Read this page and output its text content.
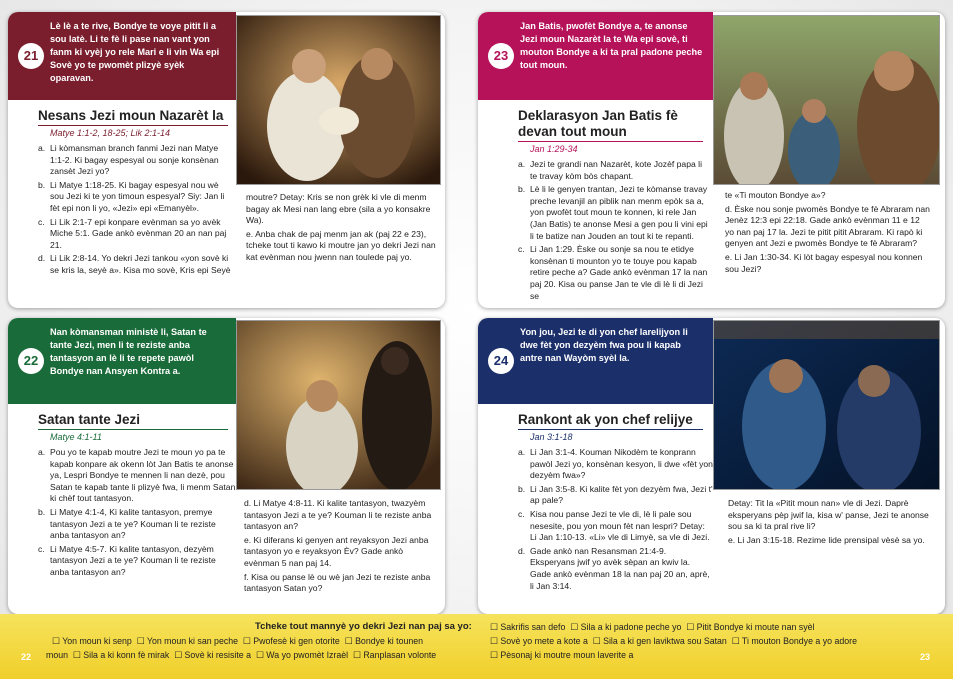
21
Lè lè a te rive, Bondye te voye pitit li a sou latè. Li te fè li pase nan vant yon fanm ki vyèj yo rele Mari e li vin Wa epi Sovè yo te pwomèt plizyè syèk oparavan.
Nesans Jezi moun Nazarèt la
Matye 1:1-2, 18-25; Lik 2:1-14
a. Li kòmansman branch fanmi Jezi nan Matye 1:1-2. Ki bagay espesyal ou sonje konsènan zansèt Jezi yo?
b. Li Matye 1:18-25. Ki bagay espesyal nou wè sou Jezi ki te yon timoun espesyal? Siy: Jan li fèt epi non li yo, «Jezi» epi «Emanyèl».
c. Li Lik 2:1-7 epi konpare evènman sa yo avèk Miche 5:1. Gade ankò evènman 20 an nan paj 21.
d. Li Lik 2:8-14. Yo dekri Jezi tankou «yon sovè ki se kris la, seyè a». Kisa mo sovè, Kris epi Seyè
moutre? Detay: Kris se non grèk ki vle di menm bagay ak Mesi nan lang ebre (sila a yo konsakre Wa).
e. Anba chak de paj menm jan ak (paj 22 e 23), tcheke tout ti kawo ki moutre jan yo dekri Jezi nan kat evènman nou jwenn nan toulede paj yo.
23
Jan Batis, pwofèt Bondye a, te anonse Jezi moun Nazarèt la te Wa epi sovè, ti mouton Bondye a ki ta pral padone peche tout moun.
Deklarasyon Jan Batis fè devan tout moun
Jan 1:29-34
a. Jezi te grandi nan Nazarèt, kote Jozèf papa li te travay kòm bòs chapant.
b. Lè li le genyen trantan, Jezi te kòmanse travay preche levanjil an piblik nan menm epòk sa a, yon pwofèt tout moun te konnen, ki rele Jan (Jan Batis) te anonse Mesi a gen pou li vini epi li te batize nan Jouden an tout ki te repanti.
c. Li Jan 1:29. Èske ou sonje sa nou te etidye konsènan ti mounton yo te touye pou kapab retire peche a? Gade ankò evènman 17 la nan paj 20. Kisa ou panse Jan te vle di lè li di Jezi se
te «Ti mouton Bondye a»?
d. Èske nou sonje pwomès Bondye te fè Abraram nan Jenèz 12:3 epi 22:18. Gade ankò evènman 11 e 12 yo nan paj 17 la. Jezi te pitit pitit Abraram. Ki rapò ki genyen ant Jezi e pwomès Bondye te fè Abraram?
e. Li Jan 1:30-34. Ki lòt bagay espesyal nou konnen sou Jezi?
22
Nan kòmansman ministè li, Satan te tante Jezi, men li te reziste anba tantasyon an lè li te repete pawòl Bondye nan Ansyen Kontra a.
Satan tante Jezi
Matye 4:1-11
a. Pou yo te kapab moutre Jezi te moun yo pa te kapab konpare ak okenn lòt Jan Batis te anonse ya, Lespri Bondye te mennen li nan dezè, pou Satan te kapab tante li plizyè fwa, li menm Satan ki chèf tout tantasyon.
b. Li Matye 4:1-4, Ki kalite tantasyon, premye tantasyon Jezi a te ye? Kouman li te reziste anba tantasyon an?
c. Li Matye 4:5-7. Ki kalite tantasyon, dezyèm tantasyon Jezi a te ye? Kouman li te reziste anba tantasyon an?
d. Li Matye 4:8-11. Ki kalite tantasyon, twazyèm tantasyon Jezi a te ye? Kouman li te reziste anba tantasyon an?
e. Ki diferans ki genyen ant reyaksyon Jezi anba tantasyon yo e reyaksyon Èv? Gade ankò evènman 5 nan paj 14.
f. Kisa ou panse lè ou wè jan Jezi te reziste anba tantasyon Satan yo?
24
Yon jou, Jezi te di yon chef larelijyon li dwe fèt yon dezyèm fwa pou li kapab antre nan Wayòm syèl la.
Rankont ak yon chef relijye
Jan 3:1-18
a. Li Jan 3:1-4. Kouman Nikodèm te konprann pawòl Jezi yo, konsènan kesyon, li dwe «fèt yon dezyèm fwa»?
b. Li Jan 3:5-8. Ki kalite fèt yon dezyèm fwa, Jezi t' ap pale?
c. Kisa nou panse Jezi te vle di, lè li pale sou nesesite, pou yon moun fèt nan lespri? Detay: Li Jan 1:10-13. «Li» vle di Limyè, sa vle di Jezi.
d. Gade ankò nan Resansman 21:4-9. Eksperyans jwif yo avèk sèpan an kwiv la. Gade ankò evènman 18 la nan paj 20 an, aprè, li Jan 3:14.
Detay: Tit la «Pitit moun nan» vle di Jezi. Daprè eksperyans pèp jwif la, kisa w' panse, Jezi te anonse sou sa ki ta pral rive li?
e. Li Jan 3:15-18. Rezime lide prensipal vèsè sa yo.
Tcheke tout mannyè yo dekri Jezi nan paj sa yo:
☐ Yon moun ki senp ☐ Yon moun ki san peche ☐ Pwofesè ki gen otorite ☐ Bondye ki tounen
moun ☐ Sila a ki konn fè mirak ☐ Sovè ki resisite a ☐ Wa yo pwomèt Izraèl ☐ Ranplasan volonte
☐ Sakrifis san defo ☐ Sila a ki padone peche yo ☐ Pitit Bondye ki moute nan syèl
☐ Sovè yo mete a kote a ☐ Sila a ki gen laviktwa sou Satan ☐ Ti mouton Bondye a yo adore
☐ Pèsonaj ki moutre moun laverite a
22	23
